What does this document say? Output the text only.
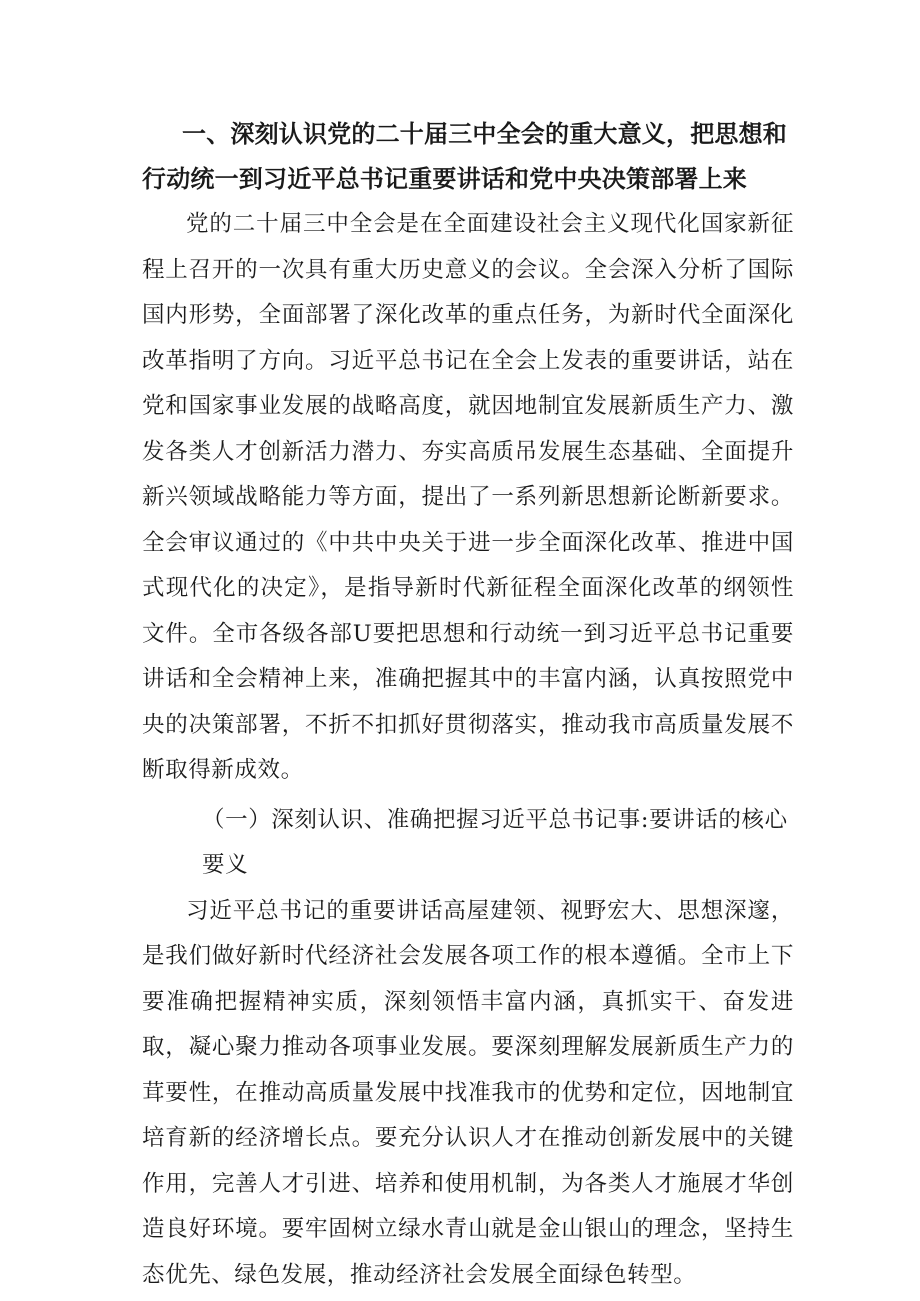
一、深刻认识党的二十届三中全会的重大意义，把思想和行动统一到习近平总书记重要讲话和党中央决策部署上来

党的二十届三中全会是在全面建设社会主义现代化国家新征程上召开的一次具有重大历史意义的会议。全会深入分析了国际国内形势，全面部署了深化改革的重点任务，为新时代全面深化改革指明了方向。习近平总书记在全会上发表的重要讲话，站在党和国家事业发展的战略高度，就因地制宜发展新质生产力、激发各类人才创新活力潜力、夯实高质吊发展生态基础、全面提升新兴领域战略能力等方面，提出了一系列新思想新论断新要求。全会审议通过的《中共中央关于进一步全面深化改革、推进中国式现代化的决定》，是指导新时代新征程全面深化改革的纲领性文件。全市各级各部U要把思想和行动统一到习近平总书记重要讲话和全会精神上来，准确把握其中的丰富内涵，认真按照党中央的决策部署，不折不扣抓好贯彻落实，推动我市高质量发展不断取得新成效。

（一）深刻认识、准确把握习近平总书记事:要讲话的核心要义

习近平总书记的重要讲话高屋建领、视野宏大、思想深邃，是我们做好新时代经济社会发展各项工作的根本遵循。全市上下要准确把握精神实质，深刻领悟丰富内涵，真抓实干、奋发进取，凝心聚力推动各项事业发展。要深刻理解发展新质生产力的茸要性，在推动高质量发展中找准我市的优势和定位，因地制宜培育新的经济增长点。要充分认识人才在推动创新发展中的关键作用，完善人才引进、培养和使用机制，为各类人才施展才华创造良好环境。要牢固树立绿水青山就是金山银山的理念，坚持生态优先、绿色发展，推动经济社会发展全面绿色转型。
